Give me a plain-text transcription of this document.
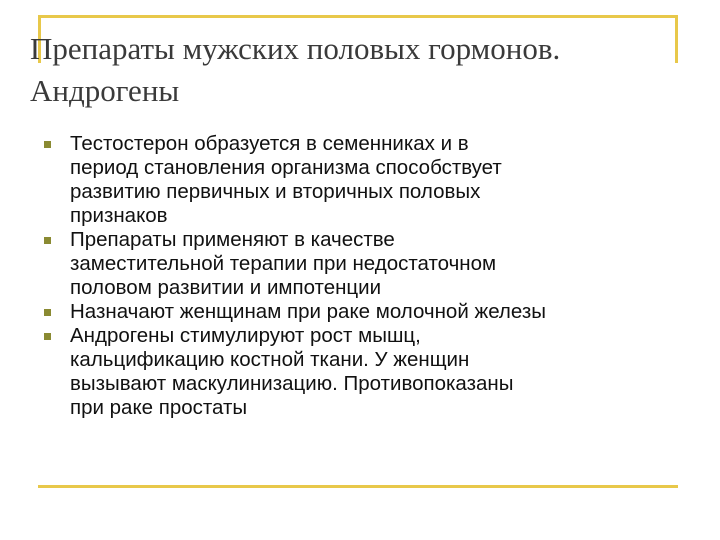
Препараты мужских половых гормонов.
Андрогены
Тестостерон образуется в семенниках и в
период становления организма способствует
развитию первичных и вторичных половых
признаков
Препараты применяют в качестве
заместительной терапии при недостаточном
половом развитии и импотенции
Назначают женщинам при раке молочной железы
Андрогены стимулируют рост мышц,
кальцификацию костной ткани. У женщин
вызывают маскулинизацию. Противопоказаны
при раке простаты
